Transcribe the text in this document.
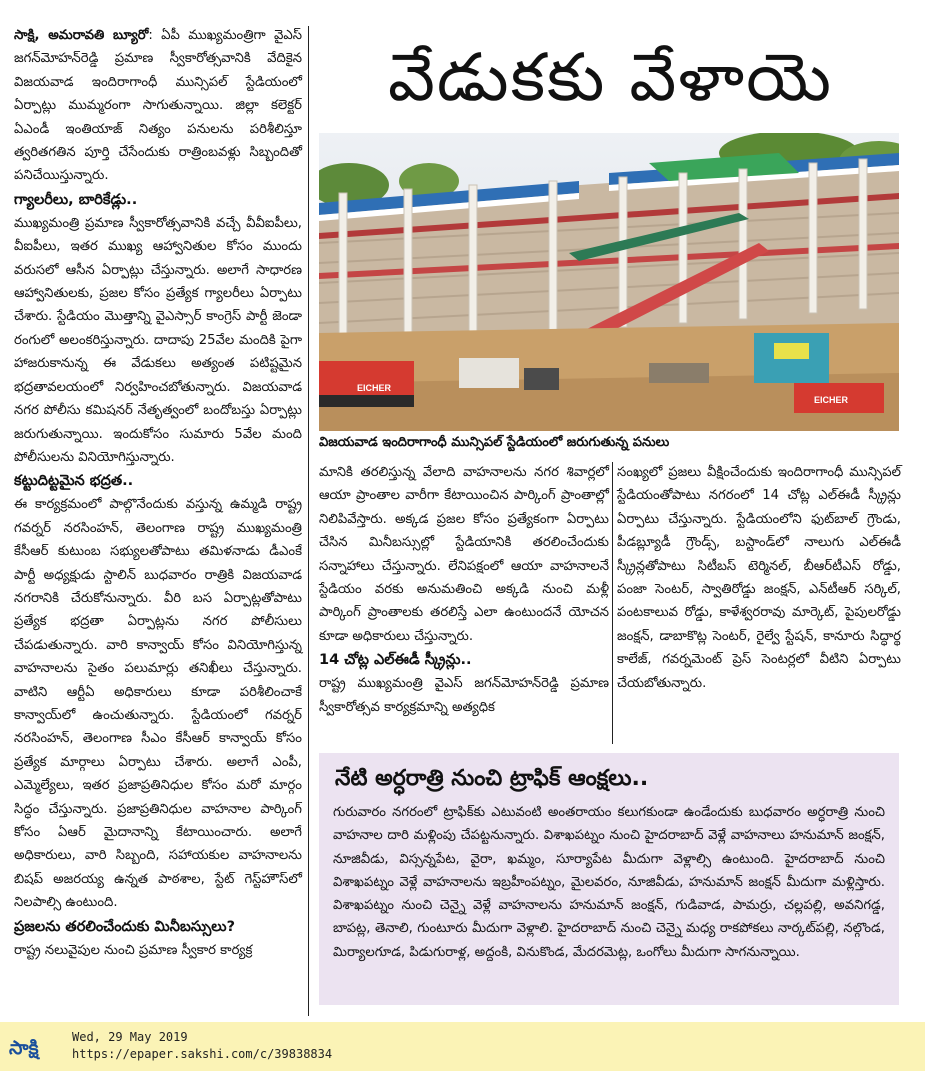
సాక్షి, అమరావతి బ్యూరో: ఏపీ ముఖ్యమంత్రిగా వైఎస్ జగన్‌మోహన్‌రెడ్డి ప్రమాణ స్వీకారోత్సవానికి వేదికైన విజయవాడ ఇందిరాగాంధీ మున్సిపల్ స్టేడియంలో ఏర్పాట్లు ముమ్మరంగా సాగుతున్నాయి. జిల్లా కలెక్టర్ ఏఎండీ ఇంతియాజ్ నిత్యం పనులను పరిశీలిస్తూ త్వరితగతిన పూర్తి చేసేందుకు రాత్రింబవళ్లు సిబ్బందితో పనిచేయిస్తున్నారు.

గ్యాలరీలు, బారికేడ్లు..

ముఖ్యమంత్రి ప్రమాణ స్వీకారోత్సవానికి వచ్చే వీవీఐపీలు, వీఐపీలు, ఇతర ముఖ్య ఆహ్వానితుల కోసం ముందు వరుసలో ఆసీన ఏర్పాట్లు చేస్తున్నారు. అలాగే సాధారణ ఆహ్వానితులకు, ప్రజల కోసం ప్రత్యేక గ్యాలరీలు ఏర్పాటు చేశారు. స్టేడియం మొత్తాన్ని వైఎస్సార్ కాంగ్రెస్ పార్టీ జెండా రంగులో అలంకరిస్తున్నారు. దాదాపు 25వేల మందికి పైగా హాజరుకానున్న ఈ వేడుకలు అత్యంత పటిష్టమైన భద్రతావలయంలో నిర్వహించబోతున్నారు. విజయవాడ నగర పోలీసు కమిషనర్ నేతృత్వంలో బందోబస్తు ఏర్పాట్లు జరుగుతున్నాయి. ఇందుకోసం సుమారు 5వేల మంది పోలీసులను వినియోగిస్తున్నారు.

కట్టుదిట్టమైన భద్రత..

ఈ కార్యక్రమంలో పాల్గొనేందుకు వస్తున్న ఉమ్మడి రాష్ట్ర గవర్నర్ నరసింహన్, తెలంగాణ రాష్ట్ర ముఖ్యమంత్రి కేసీఆర్ కుటుంబ సభ్యులతోపాటు తమిళనాడు డీఎంకే పార్టీ అధ్యక్షుడు స్టాలిన్ బుధవారం రాత్రికి విజయవాడ నగరానికి చేరుకోనున్నారు. వీరి బస ఏర్పాట్లతోపాటు ప్రత్యేక భద్రతా ఏర్పాట్లను నగర పోలీసులు చేపడుతున్నారు. వారి కాన్వాయ్ కోసం వినియోగిస్తున్న వాహనాలను సైతం పలుమార్లు తనిఖీలు చేస్తున్నారు. వాటిని ఆర్టీఏ అధికారులు కూడా పరిశీలించాకే కాన్వాయ్‌లో ఉంచుతున్నారు. స్టేడియంలో గవర్నర్ నరసింహన్, తెలంగాణ సీఎం కేసీఆర్ కాన్వాయ్ కోసం ప్రత్యేక మార్గాలు ఏర్పాటు చేశారు. అలాగే ఎంపీ, ఎమ్మెల్యేలు, ఇతర ప్రజాప్రతినిధుల కోసం మరో మార్గం సిద్ధం చేస్తున్నారు. ప్రజాప్రతినిధుల వాహనాల పార్కింగ్ కోసం ఏఆర్ మైదానాన్ని కేటాయించారు. అలాగే అధికారులు, వారి సిబ్బంది, సహాయకుల వాహనాలను బిషప్ అజరయ్య ఉన్నత పాఠశాల, స్టేట్ గెస్ట్‌హౌస్‌లో నిలపాల్సి ఉంటుంది.

ప్రజలను తరలించేందుకు మినీబస్సులు?

రాష్ట్ర నలువైపుల నుంచి ప్రమాణ స్వీకార కార్యక్ర

వేడుకకు వేళాయె
EICHER
EICHER
విజయవాడ ఇందిరాగాంధీ మున్సిపల్ స్టేడియంలో జరుగుతున్న పనులు

మానికి తరలిస్తున్న వేలాది వాహనాలను నగర శివార్లలో ఆయా ప్రాంతాల వారీగా కేటాయించిన పార్కింగ్ ప్రాంతాల్లో నిలిపివేస్తారు. అక్కడ ప్రజల కోసం ప్రత్యేకంగా ఏర్పాటు చేసిన మినీబస్సుల్లో స్టేడియానికి తరలించేందుకు సన్నాహాలు చేస్తున్నారు. లేనిపక్షంలో ఆయా వాహనాలనే స్టేడియం వరకు అనుమతించి అక్కడి నుంచి మళ్లీ పార్కింగ్ ప్రాంతాలకు తరలిస్తే ఎలా ఉంటుందనే యోచన కూడా అధికారులు చేస్తున్నారు.

14 చోట్ల ఎల్‌ఈడీ స్క్రీన్లు..

రాష్ట్ర ముఖ్యమంత్రి వైఎస్ జగన్‌మోహన్‌రెడ్డి ప్రమాణ స్వీకారోత్సవ కార్యక్రమాన్ని అత్యధిక

సంఖ్యలో ప్రజలు వీక్షించేందుకు ఇందిరాగాంధీ మున్సిపల్ స్టేడియంతోపాటు నగరంలో 14 చోట్ల ఎల్‌ఈడీ స్క్రీన్లు ఏర్పాటు చేస్తున్నారు. స్టేడియంలోని ఫుట్‌బాల్ గ్రౌండు, పీడబ్ల్యూడీ గ్రౌండ్స్, బస్టాండ్‌లో నాలుగు ఎల్‌ఈడీ స్క్రీన్లతోపాటు సిటీబస్ టెర్మినల్, బీఆర్‌టీఎస్ రోడ్డు, పంజా సెంటర్, స్వాతిరోడ్డు జంక్షన్, ఎన్‌టీఆర్ సర్కిల్, పంటకాలువ రోడ్డు, కాళేశ్వరరావు మార్కెట్, పైపులరోడ్డు జంక్షన్, డాబాకొట్ల సెంటర్, రైల్వే స్టేషన్, కానూరు సిద్ధార్థ కాలేజ్, గవర్నమెంట్ ప్రెస్ సెంటర్లలో వీటిని ఏర్పాటు చేయబోతున్నారు.

నేటి అర్ధరాత్రి నుంచి ట్రాఫిక్ ఆంక్షలు..
గురువారం నగరంలో ట్రాఫిక్‌కు ఎటువంటి అంతరాయం కలుగకుండా ఉండేందుకు బుధవారం అర్ధరాత్రి నుంచి వాహనాల దారి మళ్లింపు చేపట్టనున్నారు. విశాఖపట్నం నుంచి హైదరాబాద్ వెళ్లే వాహనాలు హనుమాన్ జంక్షన్, నూజివీడు, విస్సన్నపేట, వైరా, ఖమ్మం, సూర్యాపేట మీదుగా వెళ్లాల్సి ఉంటుంది. హైదరాబాద్ నుంచి విశాఖపట్నం వెళ్లే వాహనాలను ఇబ్రహీంపట్నం, మైలవరం, నూజివీడు, హనుమాన్ జంక్షన్ మీదుగా మళ్లిస్తారు. విశాఖపట్నం నుంచి చెన్నై వెళ్లే వాహనాలను హనుమాన్ జంక్షన్, గుడివాడ, పామర్రు, చల్లపల్లి, అవనిగడ్డ, బాపట్ల, తెనాలి, గుంటూరు మీదుగా వెళ్లాలి. హైదరాబాద్ నుంచి చెన్నై మధ్య రాకపోకలు నార్కట్‌పల్లి, నల్గొండ, మిర్యాలగూడ, పిడుగురాళ్ల, అద్దంకి, వినుకొండ, మేదరమెట్ల, ఒంగోలు మీదుగా సాగనున్నాయి.
సాక్షి	Wed, 29 May 2019
https://epaper.sakshi.com/c/39838834
